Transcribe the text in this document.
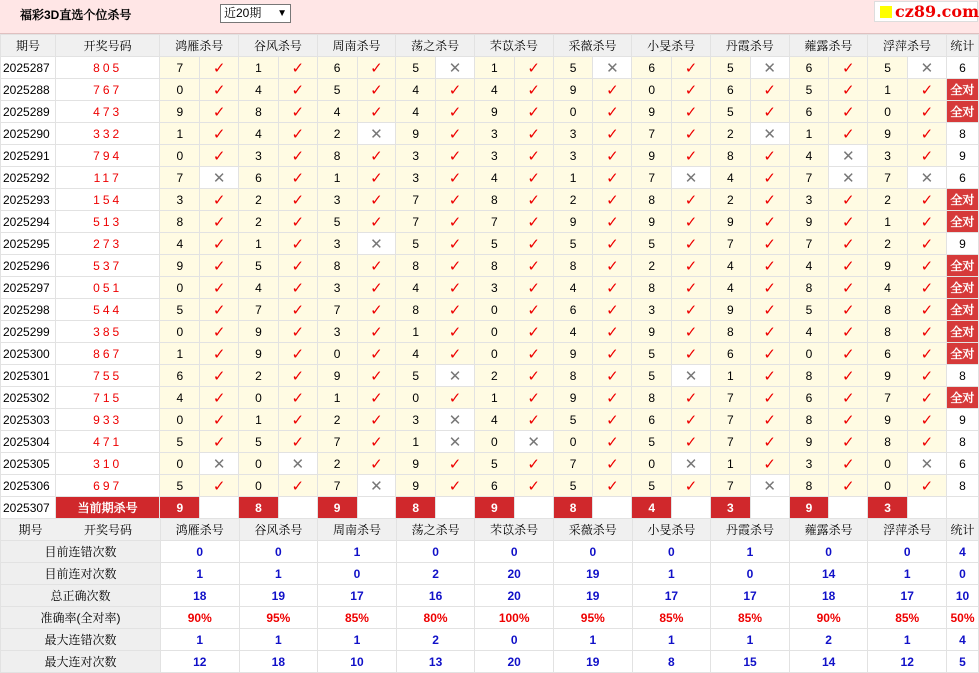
福彩3D直选个位杀号	近20期 ▼	cz89.com
期号	开奖号码	鸿雁杀号		谷风杀号		周南杀号		荡之杀号		芣苡杀号		采薇杀号		小旻杀号		丹霞杀号		蕹露杀号		浮萍杀号		统计
2025287	805	7	✓	1	✓	6	✓	5	✕	1	✓	5	✕	6	✓	5	✕	6	✓	5	✕	6
2025288	767	0	✓	4	✓	5	✓	4	✓	4	✓	9	✓	0	✓	6	✓	5	✓	1	✓	全对
2025289	473	9	✓	8	✓	4	✓	4	✓	9	✓	0	✓	9	✓	5	✓	6	✓	0	✓	全对
2025290	332	1	✓	4	✓	2	✕	9	✓	3	✓	3	✓	7	✓	2	✕	1	✓	9	✓	8
2025291	794	0	✓	3	✓	8	✓	3	✓	3	✓	3	✓	9	✓	8	✓	4	✕	3	✓	9
2025292	117	7	✕	6	✓	1	✓	3	✓	4	✓	1	✓	7	✕	4	✓	7	✕	7	✕	6
2025293	154	3	✓	2	✓	3	✓	7	✓	8	✓	2	✓	8	✓	2	✓	3	✓	2	✓	全对
2025294	513	8	✓	2	✓	5	✓	7	✓	7	✓	9	✓	9	✓	9	✓	9	✓	1	✓	全对
2025295	273	4	✓	1	✓	3	✕	5	✓	5	✓	5	✓	5	✓	7	✓	7	✓	2	✓	9
2025296	537	9	✓	5	✓	8	✓	8	✓	8	✓	8	✓	2	✓	4	✓	4	✓	9	✓	全对
2025297	051	0	✓	4	✓	3	✓	4	✓	3	✓	4	✓	8	✓	4	✓	8	✓	4	✓	全对
2025298	544	5	✓	7	✓	7	✓	8	✓	0	✓	6	✓	3	✓	9	✓	5	✓	8	✓	全对
2025299	385	0	✓	9	✓	3	✓	1	✓	0	✓	4	✓	9	✓	8	✓	4	✓	8	✓	全对
2025300	867	1	✓	9	✓	0	✓	4	✓	0	✓	9	✓	5	✓	6	✓	0	✓	6	✓	全对
2025301	755	6	✓	2	✓	9	✓	5	✕	2	✓	8	✓	5	✕	1	✓	8	✓	9	✓	8
2025302	715	4	✓	0	✓	1	✓	0	✓	1	✓	9	✓	8	✓	7	✓	6	✓	7	✓	全对
2025303	933	0	✓	1	✓	2	✓	3	✕	4	✓	5	✓	6	✓	7	✓	8	✓	9	✓	9
2025304	471	5	✓	5	✓	7	✓	1	✕	0	✕	0	✓	5	✓	7	✓	9	✓	8	✓	8
2025305	310	0	✕	0	✕	2	✓	9	✓	5	✓	7	✓	0	✕	1	✓	3	✓	0	✕	6
2025306	697	5	✓	0	✓	7	✕	9	✓	6	✓	5	✓	5	✓	7	✕	8	✓	0	✓	8
2025307	当前期杀号	9		8		9		8		9		8		4		3		9		3		
期号 开奖号码	鸿雁杀号	谷风杀号	周南杀号	荡之杀号	芣苡杀号	采薇杀号	小旻杀号	丹霞杀号	蕹露杀号	浮萍杀号	统计
目前连错次数	0	0	1	0	0	0	0	1	0	0	4
目前连对次数	1	1	0	2	20	19	1	0	14	1	0
总正确次数	18	19	17	16	20	19	17	17	18	17	10
准确率(全对率)	90%	95%	85%	80%	100%	95%	85%	85%	90%	85%	50%
最大连错次数	1	1	1	2	0	1	1	1	2	1	4
最大连对次数	12	18	10	13	20	19	8	15	14	12	5
